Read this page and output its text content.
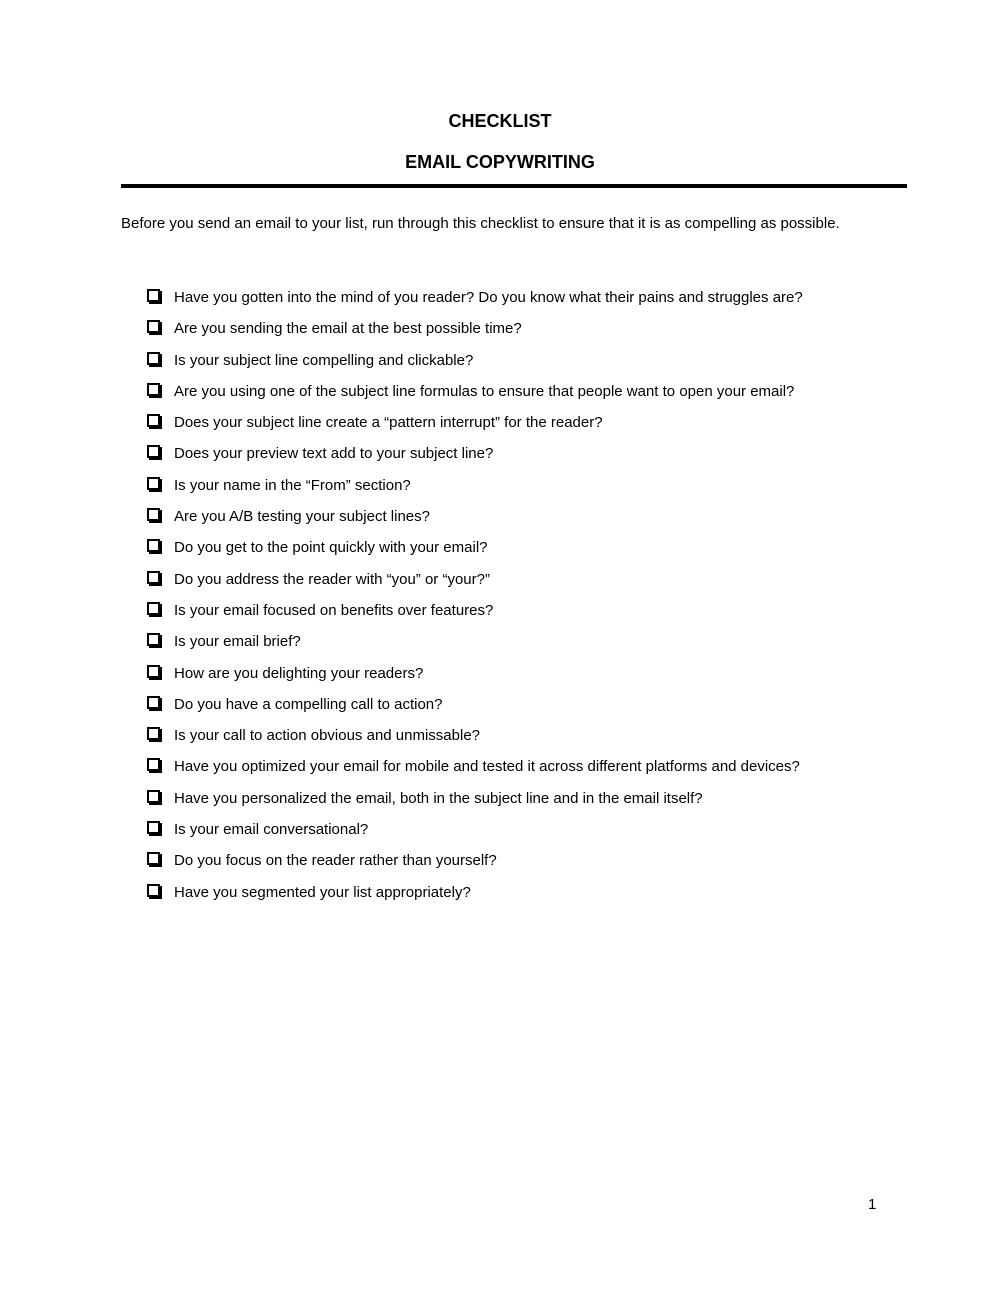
CHECKLIST
EMAIL COPYWRITING
Before you send an email to your list, run through this checklist to ensure that it is as compelling as possible.
Have you gotten into the mind of you reader? Do you know what their pains and struggles are?
Are you sending the email at the best possible time?
Is your subject line compelling and clickable?
Are you using one of the subject line formulas to ensure that people want to open your email?
Does your subject line create a “pattern interrupt” for the reader?
Does your preview text add to your subject line?
Is your name in the “From” section?
Are you A/B testing your subject lines?
Do you get to the point quickly with your email?
Do you address the reader with “you” or “your?”
Is your email focused on benefits over features?
Is your email brief?
How are you delighting your readers?
Do you have a compelling call to action?
Is your call to action obvious and unmissable?
Have you optimized your email for mobile and tested it across different platforms and devices?
Have you personalized the email, both in the subject line and in the email itself?
Is your email conversational?
Do you focus on the reader rather than yourself?
Have you segmented your list appropriately?
1
